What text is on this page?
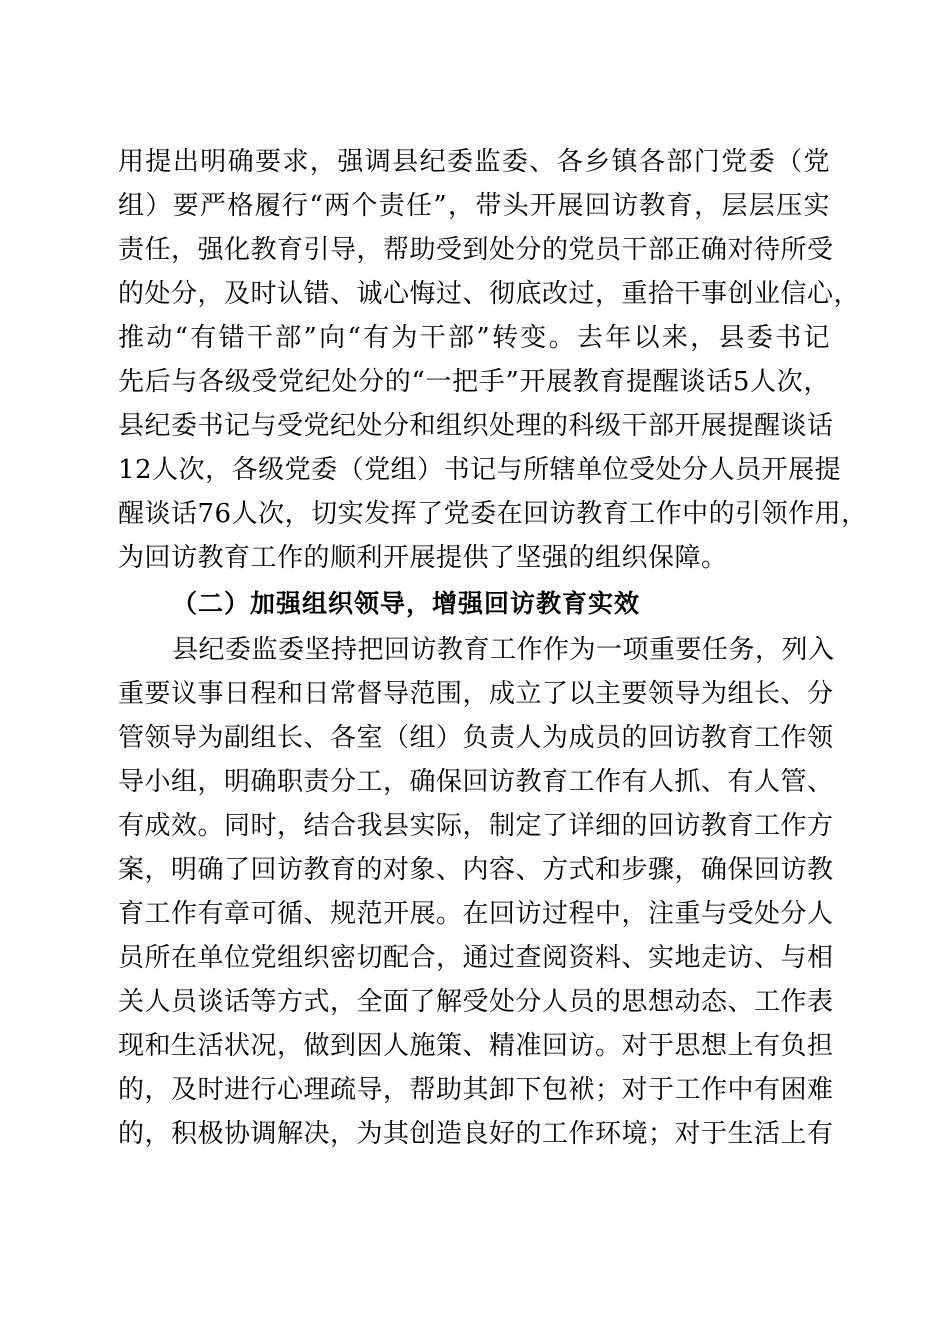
用提出明确要求，强调县纪委监委、各乡镇各部门党委（党
组）要严格履行“两个责任”，带头开展回访教育，层层压实
责任，强化教育引导，帮助受到处分的党员干部正确对待所受
的处分，及时认错、诚心悔过、彻底改过，重拾干事创业信心，
推动“有错干部”向“有为干部”转变。去年以来，县委书记
先后与各级受党纪处分的“一把手”开展教育提醒谈话5人次，
县纪委书记与受党纪处分和组织处理的科级干部开展提醒谈话
12人次，各级党委（党组）书记与所辖单位受处分人员开展提
醒谈话76人次，切实发挥了党委在回访教育工作中的引领作用，
为回访教育工作的顺利开展提供了坚强的组织保障。
（二）加强组织领导，增强回访教育实效
县纪委监委坚持把回访教育工作作为一项重要任务，列入
重要议事日程和日常督导范围，成立了以主要领导为组长、分
管领导为副组长、各室（组）负责人为成员的回访教育工作领
导小组，明确职责分工，确保回访教育工作有人抓、有人管、
有成效。同时，结合我县实际，制定了详细的回访教育工作方
案，明确了回访教育的对象、内容、方式和步骤，确保回访教
育工作有章可循、规范开展。在回访过程中，注重与受处分人
员所在单位党组织密切配合，通过查阅资料、实地走访、与相
关人员谈话等方式，全面了解受处分人员的思想动态、工作表
现和生活状况，做到因人施策、精准回访。对于思想上有负担
的，及时进行心理疏导，帮助其卸下包袱；对于工作中有困难
的，积极协调解决，为其创造良好的工作环境；对于生活上有
